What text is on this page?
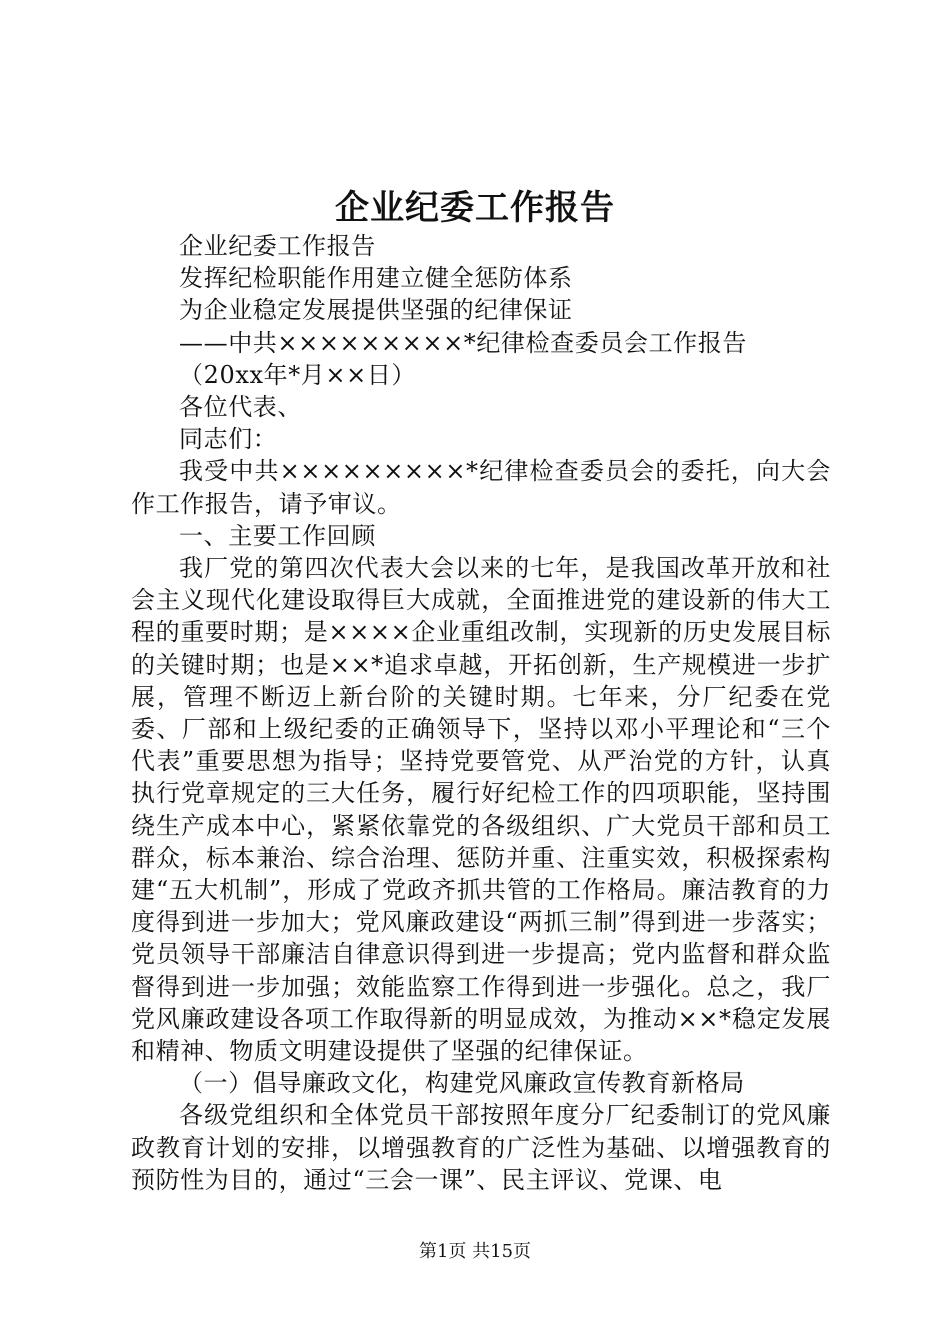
企业纪委工作报告

企业纪委工作报告

发挥纪检职能作用建立健全惩防体系

为企业稳定发展提供坚强的纪律保证

——中共×××××××××*纪律检查委员会工作报告

（20xx年*月××日）

各位代表、

同志们：

我受中共×××××××××*纪律检查委员会的委托，向大会作工作报告，请予审议。

一、主要工作回顾

我厂党的第四次代表大会以来的七年，是我国改革开放和社会主义现代化建设取得巨大成就，全面推进党的建设新的伟大工程的重要时期；是××××企业重组改制，实现新的历史发展目标的关键时期；也是××*追求卓越，开拓创新，生产规模进一步扩展，管理不断迈上新台阶的关键时期。七年来，分厂纪委在党委、厂部和上级纪委的正确领导下，坚持以邓小平理论和“三个代表”重要思想为指导；坚持党要管党、从严治党的方针，认真执行党章规定的三大任务，履行好纪检工作的四项职能，坚持围绕生产成本中心，紧紧依靠党的各级组织、广大党员干部和员工群众，标本兼治、综合治理、惩防并重、注重实效，积极探索构建“五大机制”，形成了党政齐抓共管的工作格局。廉洁教育的力度得到进一步加大；党风廉政建设“两抓三制”得到进一步落实；党员领导干部廉洁自律意识得到进一步提高；党内监督和群众监督得到进一步加强；效能监察工作得到进一步强化。总之，我厂党风廉政建设各项工作取得新的明显成效，为推动××*稳定发展和精神、物质文明建设提供了坚强的纪律保证。

（一）倡导廉政文化，构建党风廉政宣传教育新格局

各级党组织和全体党员干部按照年度分厂纪委制订的党风廉政教育计划的安排，以增强教育的广泛性为基础、以增强教育的预防性为目的，通过“三会一课”、民主评议、党课、电

第1页 共15页
